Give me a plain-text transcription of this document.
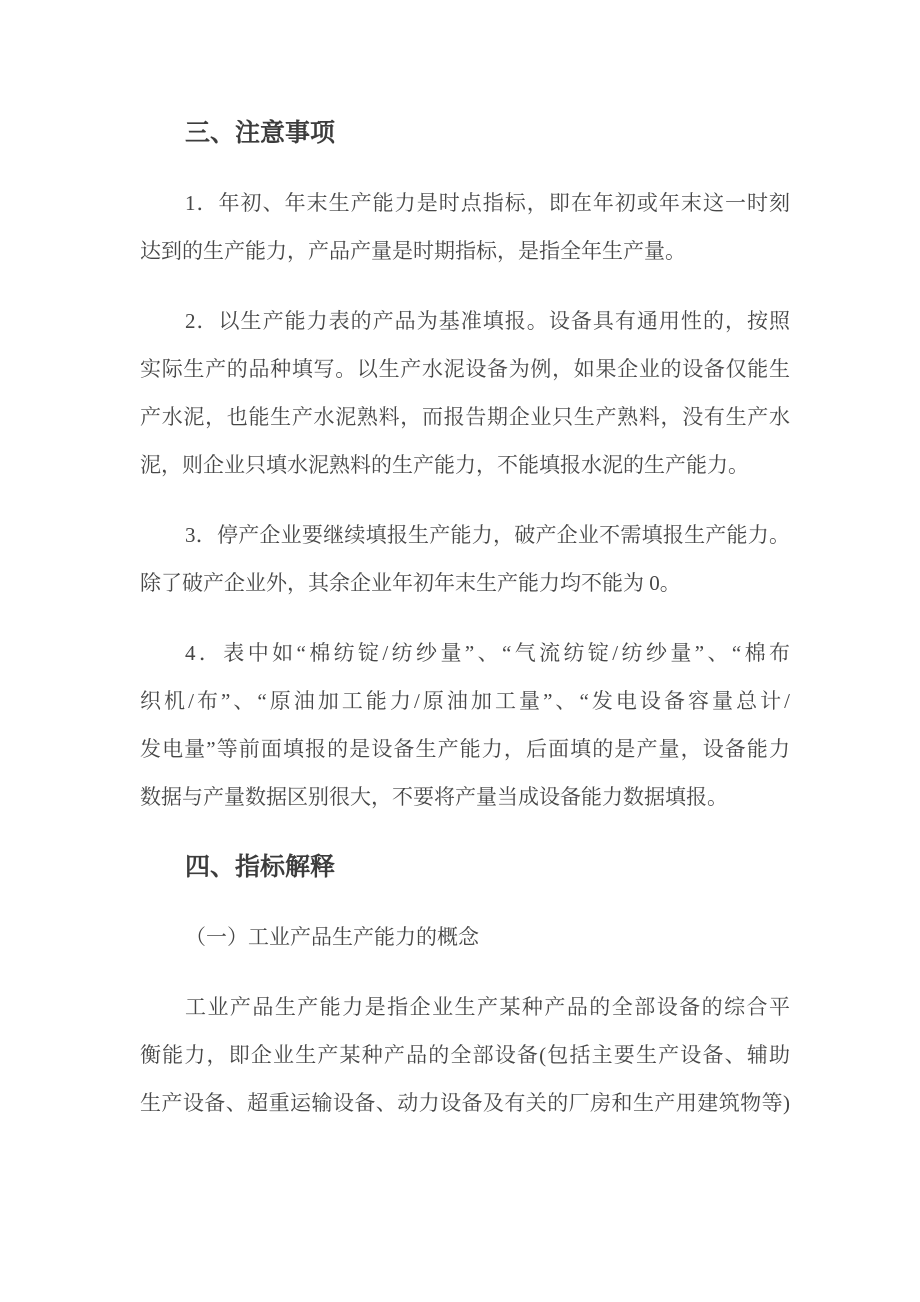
三、注意事项
1．年初、年末生产能力是时点指标，即在年初或年末这一时刻
达到的生产能力，产品产量是时期指标，是指全年生产量。
2．以生产能力表的产品为基准填报。设备具有通用性的，按照
实际生产的品种填写。以生产水泥设备为例，如果企业的设备仅能生
产水泥，也能生产水泥熟料，而报告期企业只生产熟料，没有生产水
泥，则企业只填水泥熟料的生产能力，不能填报水泥的生产能力。
3．停产企业要继续填报生产能力，破产企业不需填报生产能力。
除了破产企业外，其余企业年初年末生产能力均不能为 0。
4．表中如“棉纺锭/纺纱量”、“气流纺锭/纺纱量”、“棉布
织机/布”、“原油加工能力/原油加工量”、“发电设备容量总计/
发电量”等前面填报的是设备生产能力，后面填的是产量，设备能力
数据与产量数据区别很大，不要将产量当成设备能力数据填报。
四、指标解释

（一）工业产品生产能力的概念

工业产品生产能力是指企业生产某种产品的全部设备的综合平
衡能力，即企业生产某种产品的全部设备(包括主要生产设备、辅助
生产设备、超重运输设备、动力设备及有关的厂房和生产用建筑物等)
